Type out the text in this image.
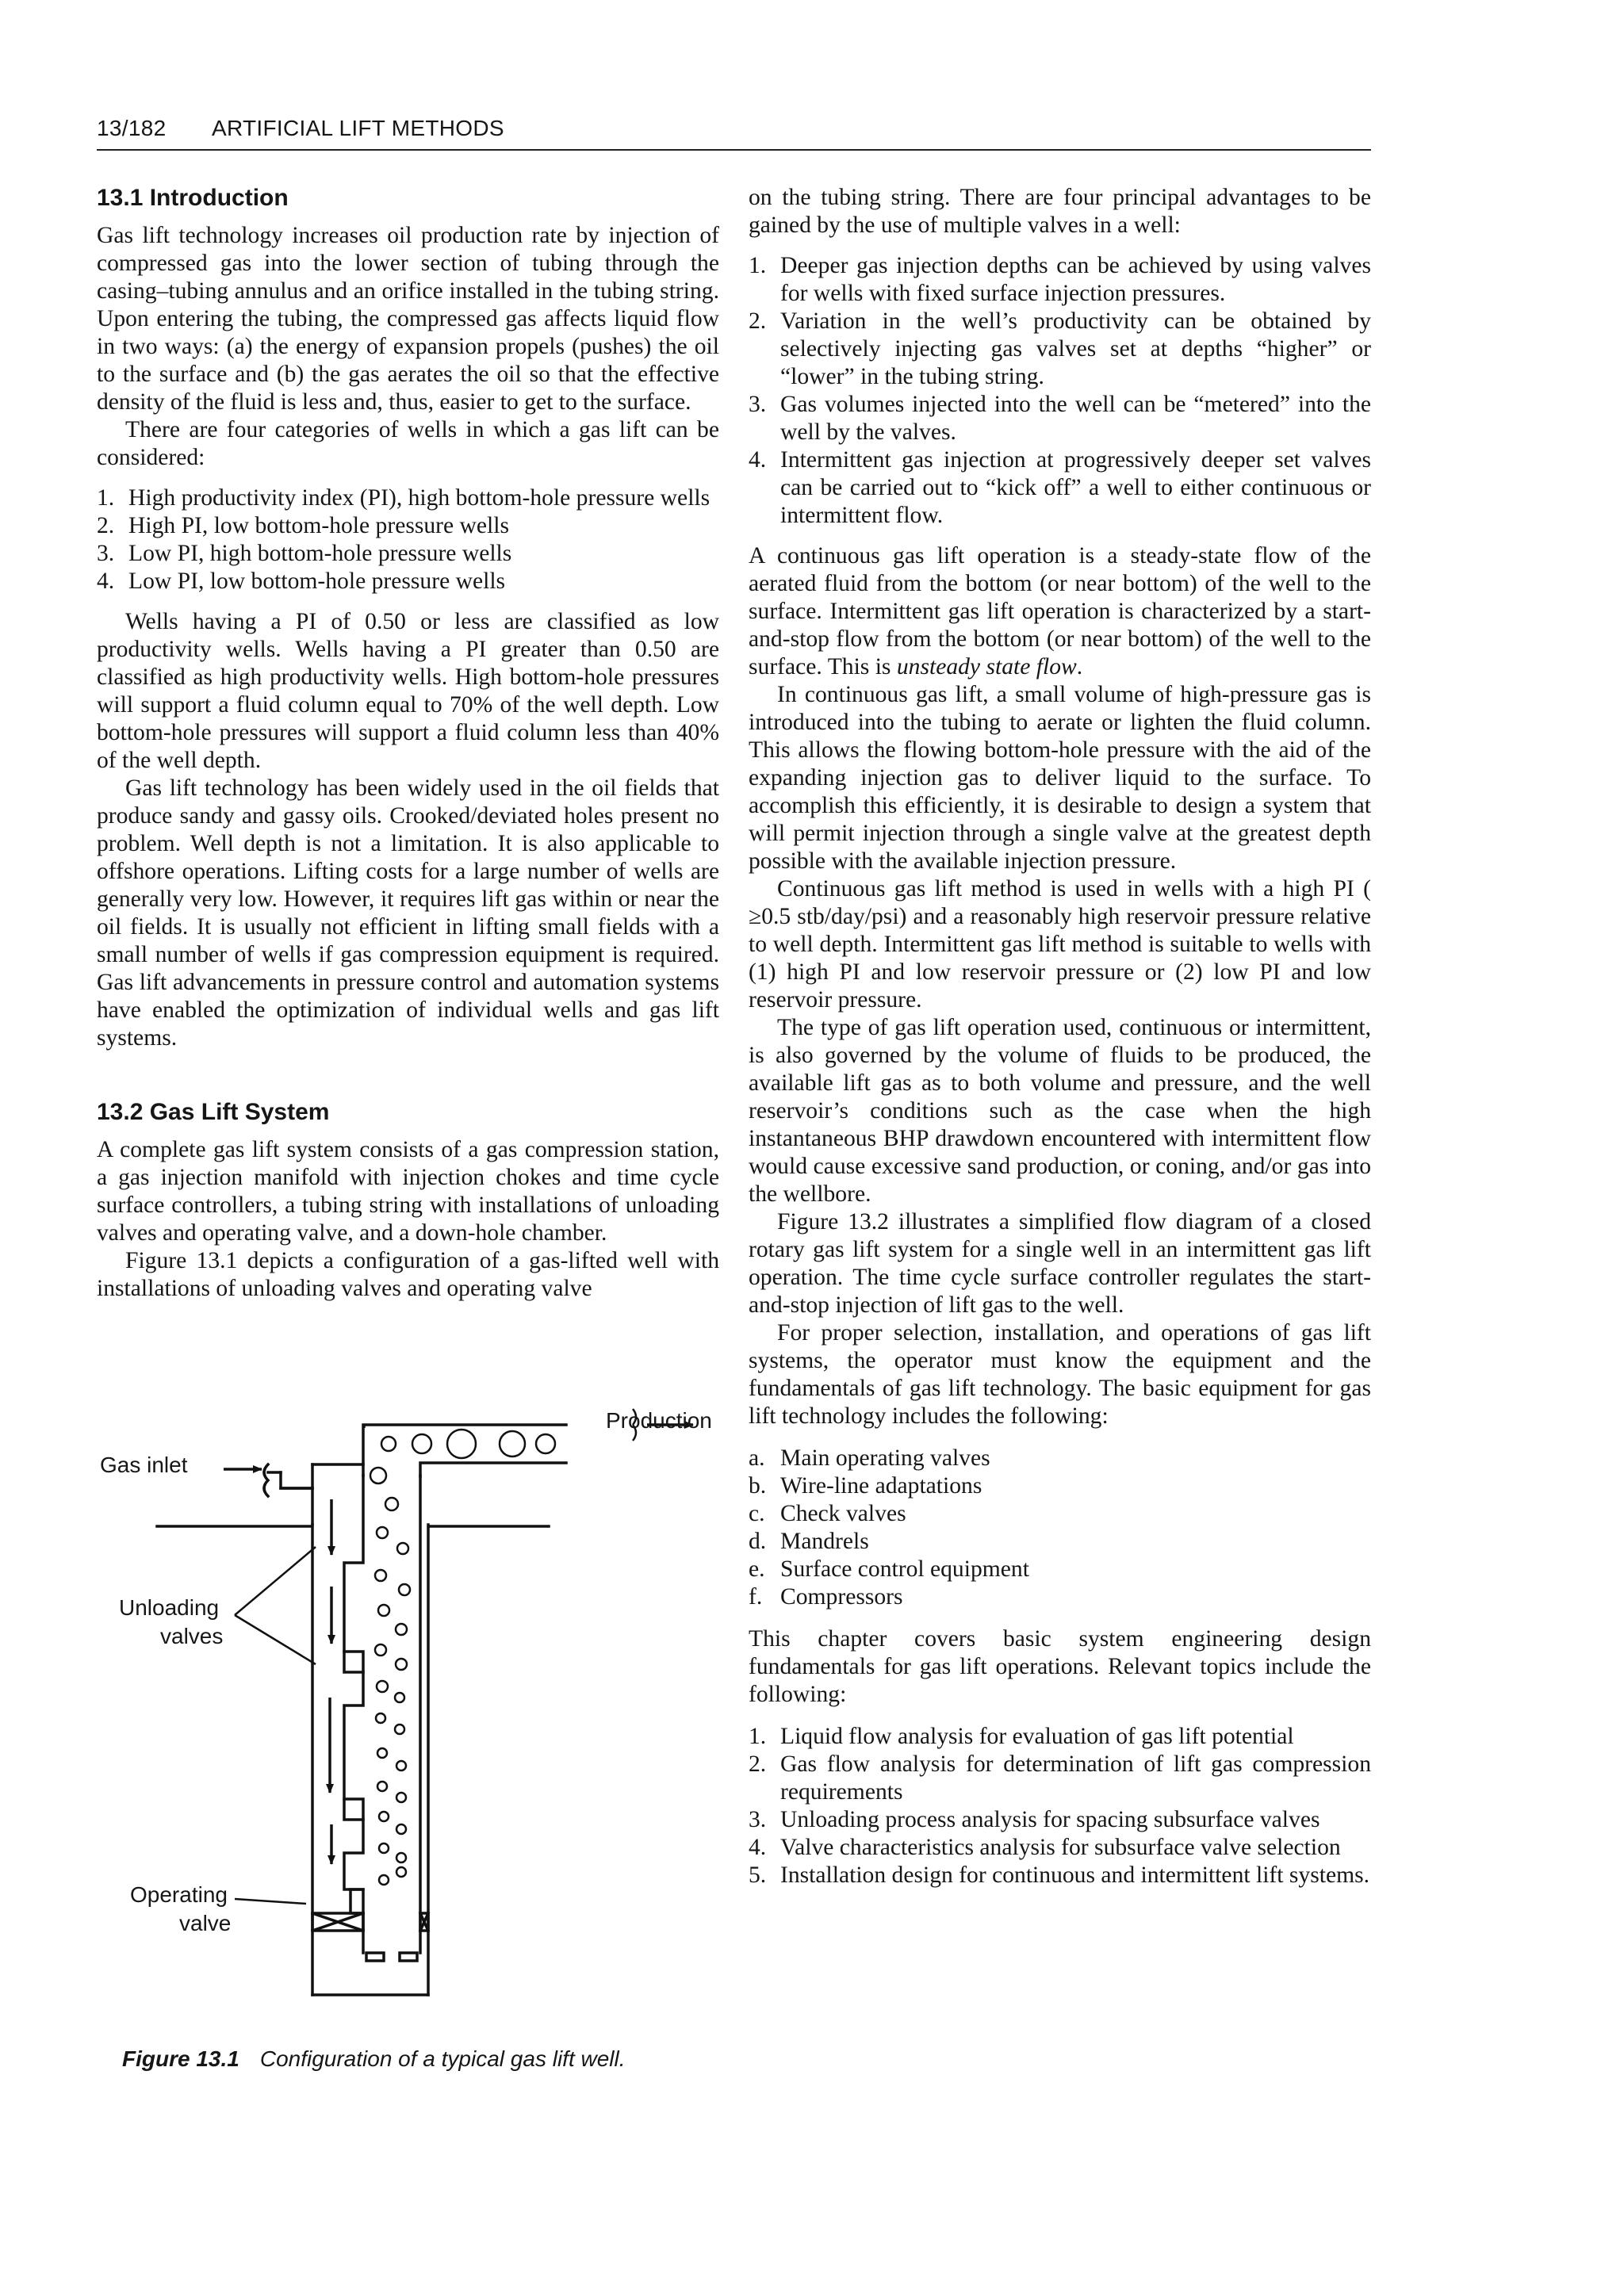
13/182 ARTIFICIAL LIFT METHODS
13.1 Introduction

Gas lift technology increases oil production rate by injection of compressed gas into the lower section of tubing through the casing–tubing annulus and an orifice installed in the tubing string. Upon entering the tubing, the compressed gas affects liquid flow in two ways: (a) the energy of expansion propels (pushes) the oil to the surface and (b) the gas aerates the oil so that the effective density of the fluid is less and, thus, easier to get to the surface.

There are four categories of wells in which a gas lift can be considered:

1. High productivity index (PI), high bottom-hole pressure wells
2. High PI, low bottom-hole pressure wells
3. Low PI, high bottom-hole pressure wells
4. Low PI, low bottom-hole pressure wells

Wells having a PI of 0.50 or less are classified as low productivity wells. Wells having a PI greater than 0.50 are classified as high productivity wells. High bottom-hole pressures will support a fluid column equal to 70% of the well depth. Low bottom-hole pressures will support a fluid column less than 40% of the well depth.

Gas lift technology has been widely used in the oil fields that produce sandy and gassy oils. Crooked/deviated holes present no problem. Well depth is not a limitation. It is also applicable to offshore operations. Lifting costs for a large number of wells are generally very low. However, it requires lift gas within or near the oil fields. It is usually not efficient in lifting small fields with a small number of wells if gas compression equipment is required. Gas lift advancements in pressure control and automation systems have enabled the optimization of individual wells and gas lift systems.

13.2 Gas Lift System

A complete gas lift system consists of a gas compression station, a gas injection manifold with injection chokes and time cycle surface controllers, a tubing string with installations of unloading valves and operating valve, and a down-hole chamber.

Figure 13.1 depicts a configuration of a gas-lifted well with installations of unloading valves and operating valve

Production
Gas inlet
Unloading
valves
Operating
valve
Figure 13.1 Configuration of a typical gas lift well.

on the tubing string. There are four principal advantages to be gained by the use of multiple valves in a well:

1. Deeper gas injection depths can be achieved by using valves for wells with fixed surface injection pressures.
2. Variation in the well’s productivity can be obtained by selectively injecting gas valves set at depths “higher” or “lower” in the tubing string.
3. Gas volumes injected into the well can be “metered” into the well by the valves.
4. Intermittent gas injection at progressively deeper set valves can be carried out to “kick off” a well to either continuous or intermittent flow.

A continuous gas lift operation is a steady-state flow of the aerated fluid from the bottom (or near bottom) of the well to the surface. Intermittent gas lift operation is characterized by a start-and-stop flow from the bottom (or near bottom) of the well to the surface. This is unsteady state flow.

In continuous gas lift, a small volume of high-pressure gas is introduced into the tubing to aerate or lighten the fluid column. This allows the flowing bottom-hole pressure with the aid of the expanding injection gas to deliver liquid to the surface. To accomplish this efficiently, it is desirable to design a system that will permit injection through a single valve at the greatest depth possible with the available injection pressure.

Continuous gas lift method is used in wells with a high PI ( ≥0.5 stb/day/psi) and a reasonably high reservoir pressure relative to well depth. Intermittent gas lift method is suitable to wells with (1) high PI and low reservoir pressure or (2) low PI and low reservoir pressure.

The type of gas lift operation used, continuous or intermittent, is also governed by the volume of fluids to be produced, the available lift gas as to both volume and pressure, and the well reservoir’s conditions such as the case when the high instantaneous BHP drawdown encountered with intermittent flow would cause excessive sand production, or coning, and/or gas into the wellbore.

Figure 13.2 illustrates a simplified flow diagram of a closed rotary gas lift system for a single well in an intermittent gas lift operation. The time cycle surface controller regulates the start-and-stop injection of lift gas to the well.

For proper selection, installation, and operations of gas lift systems, the operator must know the equipment and the fundamentals of gas lift technology. The basic equipment for gas lift technology includes the following:

a. Main operating valves
b. Wire-line adaptations
c. Check valves
d. Mandrels
e. Surface control equipment
f. Compressors

This chapter covers basic system engineering design fundamentals for gas lift operations. Relevant topics include the following:

1. Liquid flow analysis for evaluation of gas lift potential
2. Gas flow analysis for determination of lift gas compression requirements
3. Unloading process analysis for spacing subsurface valves
4. Valve characteristics analysis for subsurface valve selection
5. Installation design for continuous and intermittent lift systems.
